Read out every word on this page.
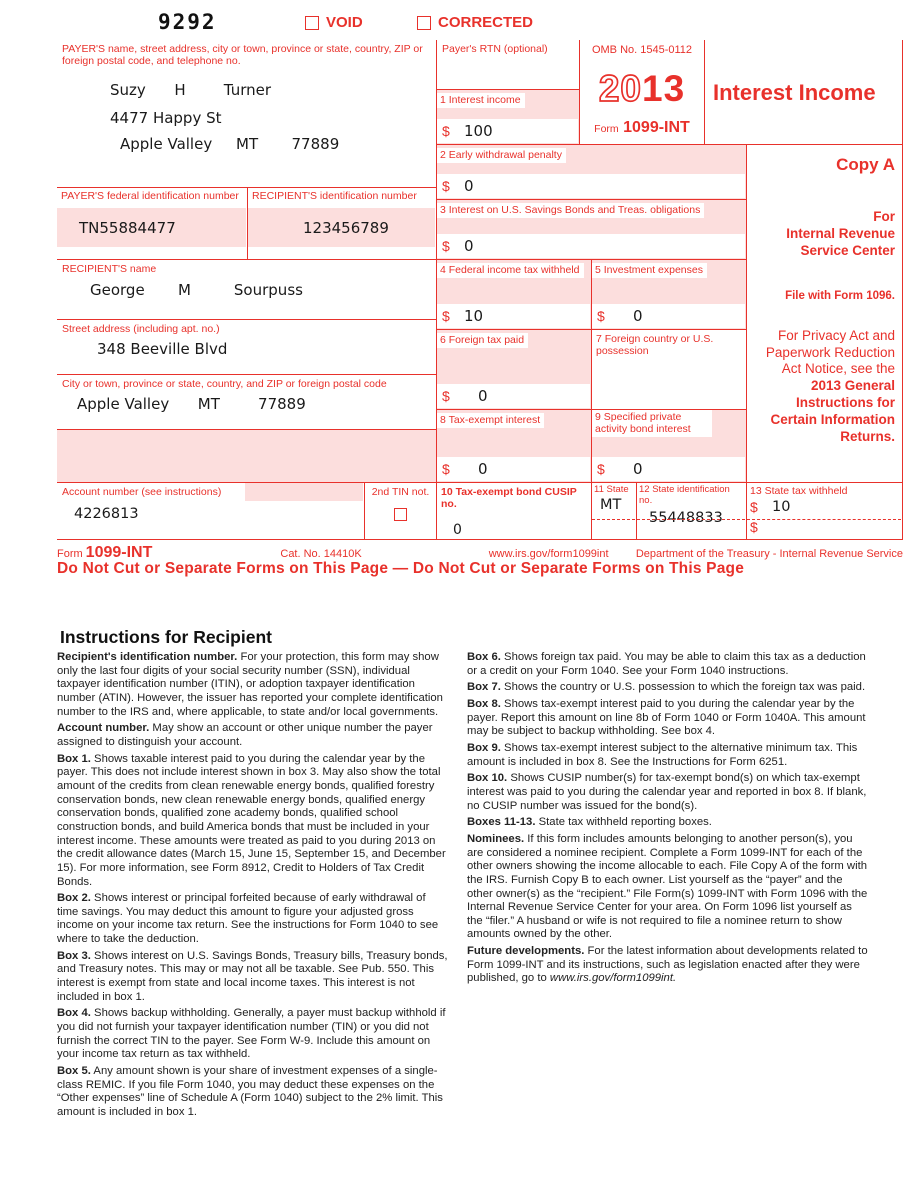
9292	VOID	CORRECTED
PAYER'S name, street address, city or town, province or state, country, ZIP or foreign postal code, and telephone no.
Suzy      H        Turner
4477 Happy St
Apple Valley     MT       77889
Payer's RTN (optional)
1 Interest income
$ 100
OMB No. 1545-0112
2013
Form 1099-INT
Interest Income
2 Early withdrawal penalty
$ 0
Copy A
For
Internal Revenue
Service Center
File with Form 1096.
For Privacy Act and Paperwork Reduction Act Notice, see the
2013 General Instructions for Certain Information Returns.
PAYER'S federal identification number
TN55884477
RECIPIENT'S identification number
123456789
3 Interest on U.S. Savings Bonds and Treas. obligations
$ 0
RECIPIENT'S name
George       M         Sourpuss
4 Federal income tax withheld
$ 10
5 Investment expenses
$	0
Street address (including apt. no.)
348 Beeville Blvd
6 Foreign tax paid
$	0
7 Foreign country or U.S. possession
City or town, province or state, country, and ZIP or foreign postal code
Apple Valley      MT        77889
8 Tax-exempt interest
$	0
9 Specified private activity bond interest
$	0
Account number (see instructions)
4226813
2nd TIN not.	10 Tax-exempt bond CUSIP no.
0
11 State
MT
12 State identification no.
55448833
13 State tax withheld
$ 10
$
Form 1099-INT	Cat. No. 14410K	www.irs.gov/form1099int Department of the Treasury - Internal Revenue Service
Do Not Cut or Separate Forms on This Page — Do Not Cut or Separate Forms on This Page
Instructions for Recipient

Recipient's identification number. For your protection, this form may show only the last four digits of your social security number (SSN), individual taxpayer identification number (ITIN), or adoption taxpayer identification number (ATIN). However, the issuer has reported your complete identification number to the IRS and, where applicable, to state and/or local governments.

Account number. May show an account or other unique number the payer assigned to distinguish your account.

Box 1. Shows taxable interest paid to you during the calendar year by the payer. This does not include interest shown in box 3. May also show the total amount of the credits from clean renewable energy bonds, qualified forestry conservation bonds, new clean renewable energy bonds, qualified energy conservation bonds, qualified zone academy bonds, qualified school construction bonds, and build America bonds that must be included in your interest income. These amounts were treated as paid to you during 2013 on the credit allowance dates (March 15, June 15, September 15, and December 15). For more information, see Form 8912, Credit to Holders of Tax Credit Bonds.

Box 2. Shows interest or principal forfeited because of early withdrawal of time savings. You may deduct this amount to figure your adjusted gross income on your income tax return. See the instructions for Form 1040 to see where to take the deduction.

Box 3. Shows interest on U.S. Savings Bonds, Treasury bills, Treasury bonds, and Treasury notes. This may or may not all be taxable. See Pub. 550. This interest is exempt from state and local income taxes. This interest is not included in box 1.

Box 4. Shows backup withholding. Generally, a payer must backup withhold if you did not furnish your taxpayer identification number (TIN) or you did not furnish the correct TIN to the payer. See Form W-9. Include this amount on your income tax return as tax withheld.

Box 5. Any amount shown is your share of investment expenses of a single-class REMIC. If you file Form 1040, you may deduct these expenses on the “Other expenses” line of Schedule A (Form 1040) subject to the 2% limit. This amount is included in box 1.

Box 6. Shows foreign tax paid. You may be able to claim this tax as a deduction or a credit on your Form 1040. See your Form 1040 instructions.

Box 7. Shows the country or U.S. possession to which the foreign tax was paid.

Box 8. Shows tax-exempt interest paid to you during the calendar year by the payer. Report this amount on line 8b of Form 1040 or Form 1040A. This amount may be subject to backup withholding. See box 4.

Box 9. Shows tax-exempt interest subject to the alternative minimum tax. This amount is included in box 8. See the Instructions for Form 6251.

Box 10. Shows CUSIP number(s) for tax-exempt bond(s) on which tax-exempt interest was paid to you during the calendar year and reported in box 8. If blank, no CUSIP number was issued for the bond(s).

Boxes 11-13. State tax withheld reporting boxes.

Nominees. If this form includes amounts belonging to another person(s), you are considered a nominee recipient. Complete a Form 1099-INT for each of the other owners showing the income allocable to each. File Copy A of the form with the IRS. Furnish Copy B to each owner. List yourself as the “payer” and the other owner(s) as the “recipient.” File Form(s) 1099-INT with Form 1096 with the Internal Revenue Service Center for your area. On Form 1096 list yourself as the “filer.” A husband or wife is not required to file a nominee return to show amounts owned by the other.

Future developments. For the latest information about developments related to Form 1099-INT and its instructions, such as legislation enacted after they were published, go to www.irs.gov/form1099int.
